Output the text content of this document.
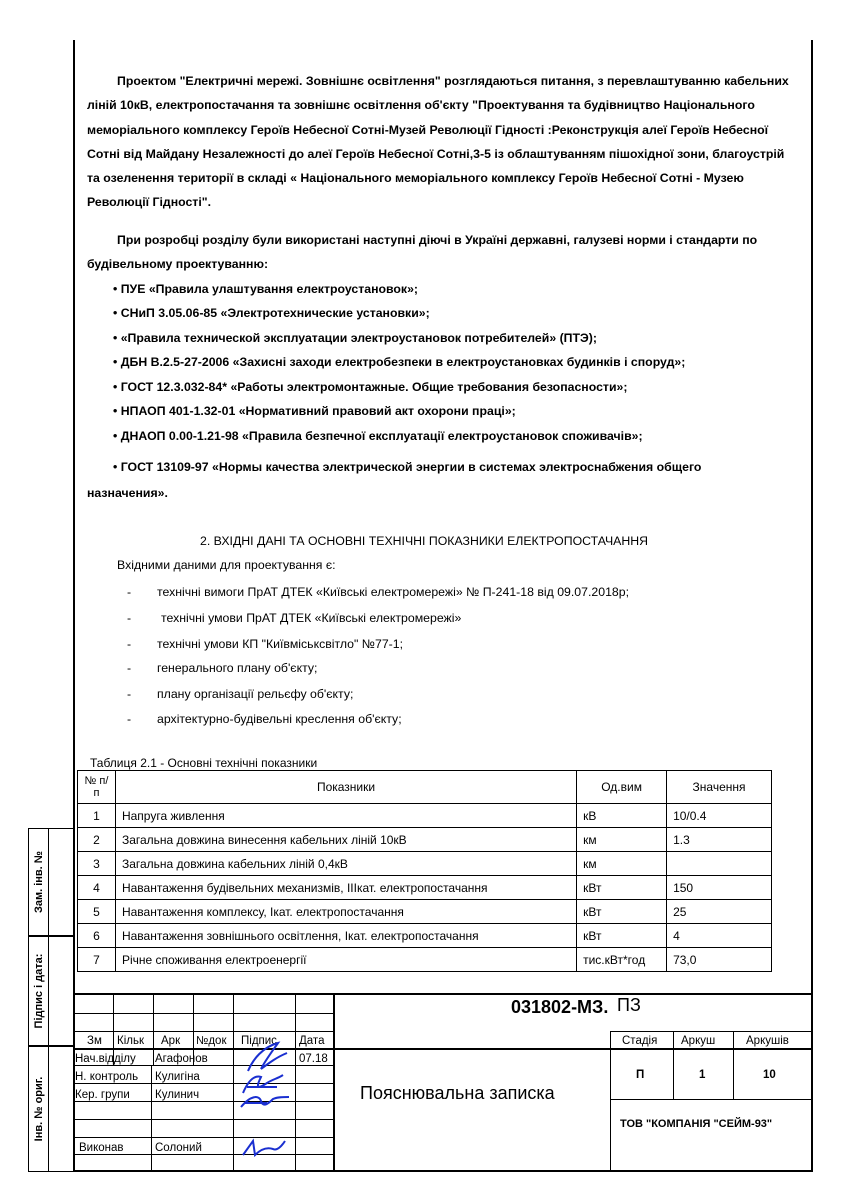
Зам. інв. №
Підпис і дата:
Інв. № ориг.
Проектом "Електричні мережі. Зовнішнє освітлення" розглядаються питання, з перевлаштуванню кабельних ліній 10кВ, електропостачання та зовнішнє освітлення об'єкту "Проектування та будівництво Національного меморіального комплексу Героїв Небесної Сотні-Музей Революції Гідності :Реконструкція алеї Героїв Небесної Сотні від Майдану Незалежності до алеї Героїв Небесної Сотні,3-5 із облаштуванням пішохідної зони, благоустрій та озеленення території в складі « Національного меморіального комплексу Героїв Небесної Сотні - Музею Революції Гідності".
При розробці розділу були використані наступні діючі в Україні державні, галузеві норми і стандарти по будівельному проектуванню:
• ПУЕ «Правила улаштування електроустановок»;
• СНиП 3.05.06-85 «Электротехнические установки»;
• «Правила технической эксплуатации электроустановок потребителей» (ПТЭ);
• ДБН В.2.5-27-2006 «Захисні заходи електробезпеки в електроустановках будинків і споруд»;
• ГОСТ 12.3.032-84* «Работы электромонтажные. Общие требования безопасности»;
• НПАОП 401-1.32-01 «Нормативний правовий акт охорони праці»;
• ДНАОП 0.00-1.21-98 «Правила безпечної експлуатації електроустановок споживачів»;
• ГОСТ 13109-97 «Нормы качества электрической энергии в системах электроснабжения общего
назначения».
2. ВХІДНІ ДАНІ ТА ОСНОВНІ ТЕХНІЧНІ ПОКАЗНИКИ ЕЛЕКТРОПОСТАЧАННЯ
Вхідними даними для проектування є:
- технічні вимоги ПрАТ ДТЕК «Київські електромережі» № П-241-18 від 09.07.2018р;
- технічні умови ПрАТ ДТЕК «Київські електромережі»
- технічні умови КП "Київміськсвітло" №77-1;
- генерального плану об'єкту;
- плану організації рельєфу об'єкту;
- архітектурно-будівельні креслення об'єкту;
Таблиця 2.1 - Основні технічні показники
№ п/п	Показники	Од.вим	Значення
1	Напруга живлення	кВ	10/0.4
2	Загальна довжина винесення кабельних ліній 10кВ	км	1.3
3	Загальна довжина кабельних ліній 0,4кВ	км	
4	Навантаження будівельних механизмів, IIIкат. електропостачання	кВт	150
5	Навантаження комплексу, Iкат. електропостачання	кВт	25
6	Навантаження зовнішнього освітлення, Iкат. електропостачання	кВт	4
7	Річне споживання електроенергії	тис.кВт*год	73,0
031802-МЗ. ПЗ
Зм Кільк Арк №док Підпис Дата
Нач.відділу Агафонов	07.18
Н. контроль Кулигіна
Кер. групи Кулинич
Виконав	Солоний
Пояснювальна записка
Стадія Аркуш	Аркушів
П	1	10
ТОВ "КОМПАНІЯ "СЕЙМ-93"
